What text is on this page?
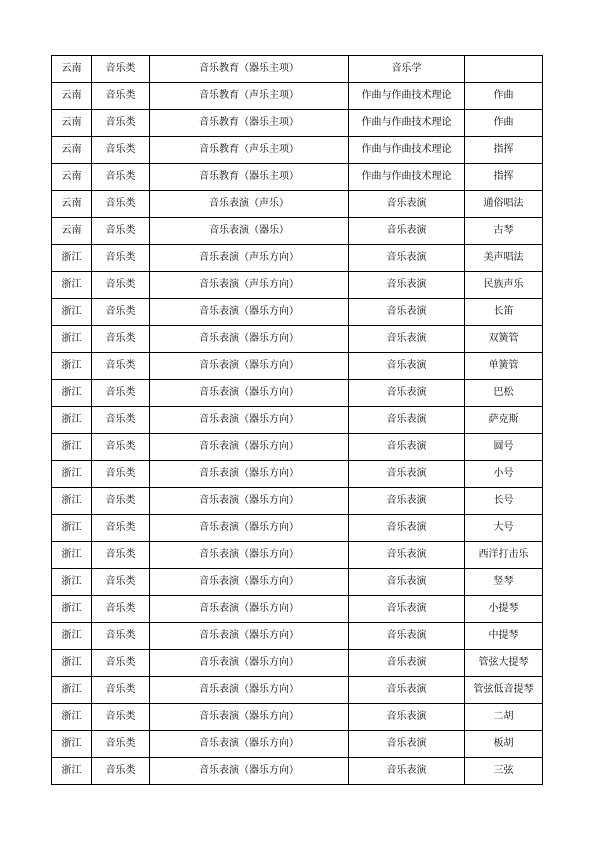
云南	音乐类	音乐教育（器乐主项）	音乐学	
云南	音乐类	音乐教育（声乐主项）	作曲与作曲技术理论	作曲
云南	音乐类	音乐教育（器乐主项）	作曲与作曲技术理论	作曲
云南	音乐类	音乐教育（声乐主项）	作曲与作曲技术理论	指挥
云南	音乐类	音乐教育（器乐主项）	作曲与作曲技术理论	指挥
云南	音乐类	音乐表演（声乐）	音乐表演	通俗唱法
云南	音乐类	音乐表演（器乐）	音乐表演	古琴
浙江	音乐类	音乐表演（声乐方向）	音乐表演	美声唱法
浙江	音乐类	音乐表演（声乐方向）	音乐表演	民族声乐
浙江	音乐类	音乐表演（器乐方向）	音乐表演	长笛
浙江	音乐类	音乐表演（器乐方向）	音乐表演	双簧管
浙江	音乐类	音乐表演（器乐方向）	音乐表演	单簧管
浙江	音乐类	音乐表演（器乐方向）	音乐表演	巴松
浙江	音乐类	音乐表演（器乐方向）	音乐表演	萨克斯
浙江	音乐类	音乐表演（器乐方向）	音乐表演	圆号
浙江	音乐类	音乐表演（器乐方向）	音乐表演	小号
浙江	音乐类	音乐表演（器乐方向）	音乐表演	长号
浙江	音乐类	音乐表演（器乐方向）	音乐表演	大号
浙江	音乐类	音乐表演（器乐方向）	音乐表演	西洋打击乐
浙江	音乐类	音乐表演（器乐方向）	音乐表演	竖琴
浙江	音乐类	音乐表演（器乐方向）	音乐表演	小提琴
浙江	音乐类	音乐表演（器乐方向）	音乐表演	中提琴
浙江	音乐类	音乐表演（器乐方向）	音乐表演	管弦大提琴
浙江	音乐类	音乐表演（器乐方向）	音乐表演	管弦低音提琴
浙江	音乐类	音乐表演（器乐方向）	音乐表演	二胡
浙江	音乐类	音乐表演（器乐方向）	音乐表演	板胡
浙江	音乐类	音乐表演（器乐方向）	音乐表演	三弦
